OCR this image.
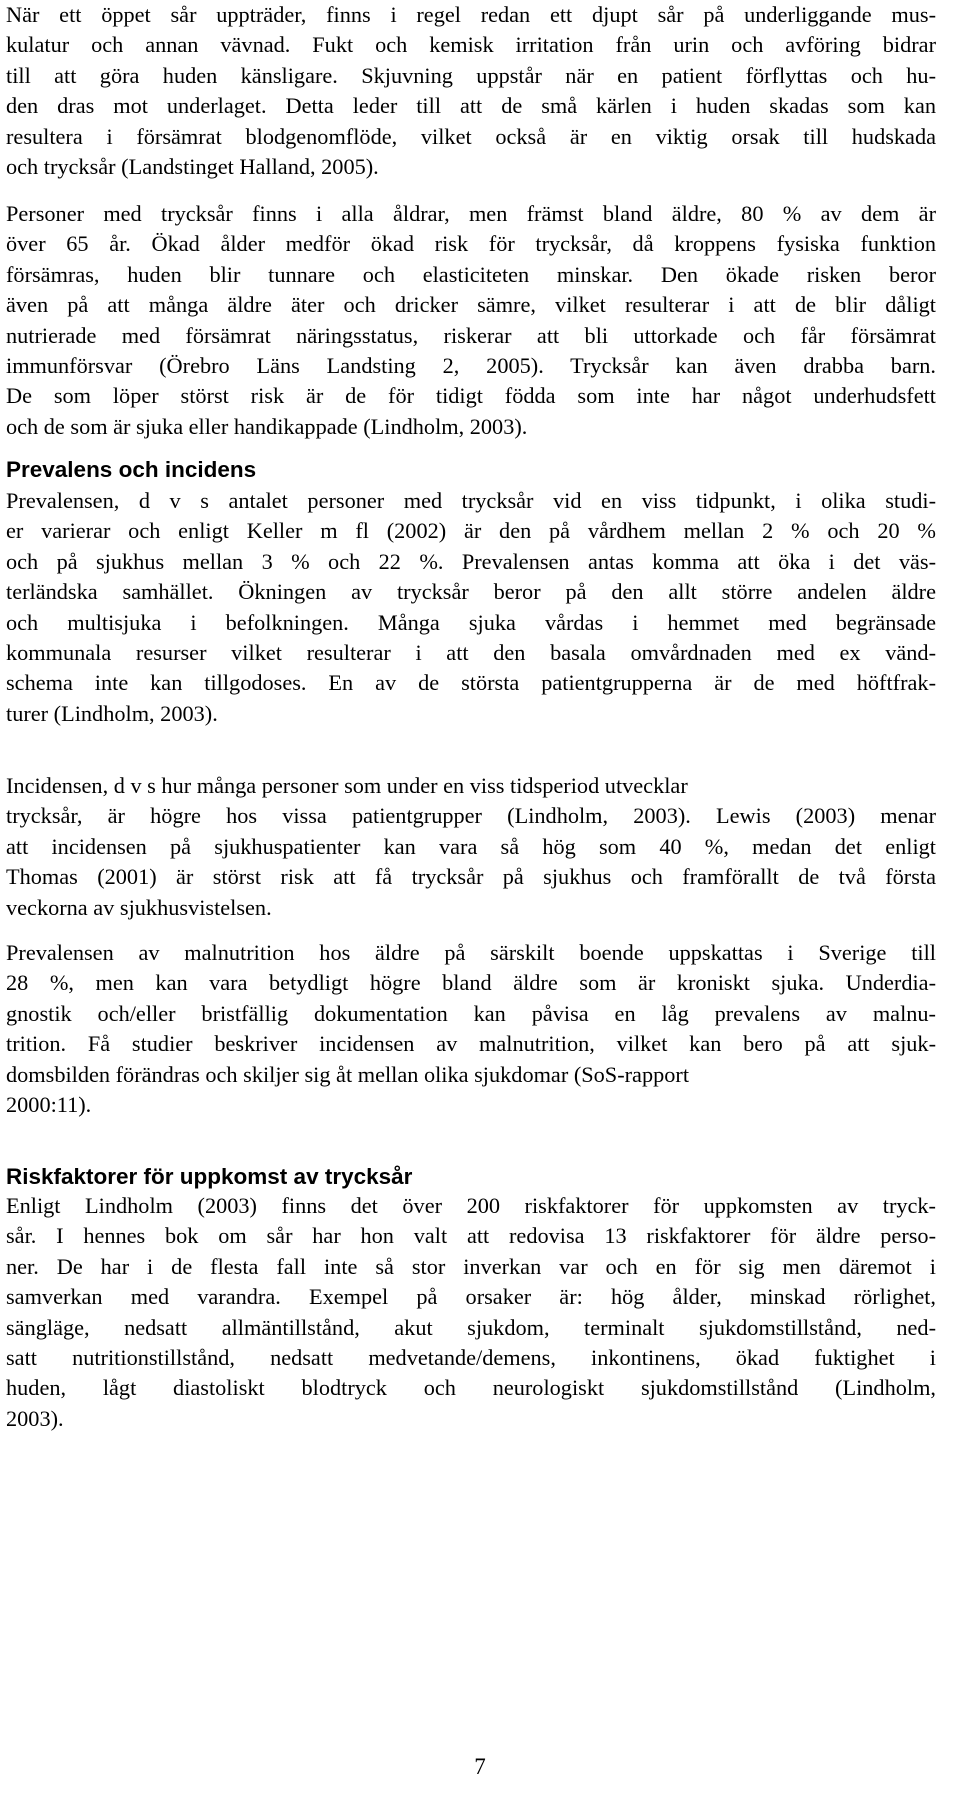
När ett öppet sår uppträder, finns i regel redan ett djupt sår på underliggande mus-
kulatur och annan vävnad. Fukt och kemisk irritation från urin och avföring bidrar
till att göra huden känsligare. Skjuvning uppstår när en patient förflyttas och hu-
den dras mot underlaget. Detta leder till att de små kärlen i huden skadas som kan
resultera i försämrat blodgenomflöde, vilket också är en viktig orsak till hudskada
och trycksår (Landstinget Halland, 2005).
Personer med trycksår finns i alla åldrar, men främst bland äldre, 80 % av dem är
över 65 år. Ökad ålder medför ökad risk för trycksår, då kroppens fysiska funktion
försämras, huden blir tunnare och elasticiteten minskar. Den ökade risken beror
även på att många äldre äter och dricker sämre, vilket resulterar i att de blir dåligt
nutrierade med försämrat näringsstatus, riskerar att bli uttorkade och får försämrat
immunförsvar (Örebro Läns Landsting 2, 2005). Trycksår kan även drabba barn.
De som löper störst risk är de för tidigt födda som inte har något underhudsfett
och de som är sjuka eller handikappade (Lindholm, 2003).
Prevalens och incidens
Prevalensen, d v s antalet personer med trycksår vid en viss tidpunkt, i olika studi-
er varierar och enligt Keller m fl (2002) är den på vårdhem mellan 2 % och 20 %
och på sjukhus mellan 3 % och 22 %. Prevalensen antas komma att öka i det väs-
terländska samhället. Ökningen av trycksår beror på den allt större andelen äldre
och multisjuka i befolkningen. Många sjuka vårdas i hemmet med begränsade
kommunala resurser vilket resulterar i att den basala omvårdnaden med ex vänd-
schema inte kan tillgodoses. En av de största patientgrupperna är de med höftfrak-
turer (Lindholm, 2003).
Incidensen, d v s hur många personer som under en viss tidsperiod utvecklar
trycksår, är högre hos vissa patientgrupper (Lindholm, 2003). Lewis (2003) menar
att incidensen på sjukhuspatienter kan vara så hög som 40 %, medan det enligt
Thomas (2001) är störst risk att få trycksår på sjukhus och framförallt de två första
veckorna av sjukhusvistelsen.
Prevalensen av malnutrition hos äldre på särskilt boende uppskattas i Sverige till
28 %, men kan vara betydligt högre bland äldre som är kroniskt sjuka. Underdia-
gnostik och/eller bristfällig dokumentation kan påvisa en låg prevalens av malnu-
trition. Få studier beskriver incidensen av malnutrition, vilket kan bero på att sjuk-
domsbilden förändras och skiljer sig åt mellan olika sjukdomar (SoS-rapport
2000:11).
Riskfaktorer för uppkomst av trycksår
Enligt Lindholm (2003) finns det över 200 riskfaktorer för uppkomsten av tryck-
sår. I hennes bok om sår har hon valt att redovisa 13 riskfaktorer för äldre perso-
ner. De har i de flesta fall inte så stor inverkan var och en för sig men däremot i
samverkan med varandra. Exempel på orsaker är: hög ålder, minskad rörlighet,
sängläge, nedsatt allmäntillstånd, akut sjukdom, terminalt sjukdomstillstånd, ned-
satt nutritionstillstånd, nedsatt medvetande/demens, inkontinens, ökad fuktighet i
huden, lågt diastoliskt blodtryck och neurologiskt sjukdomstillstånd (Lindholm,
2003).
7
